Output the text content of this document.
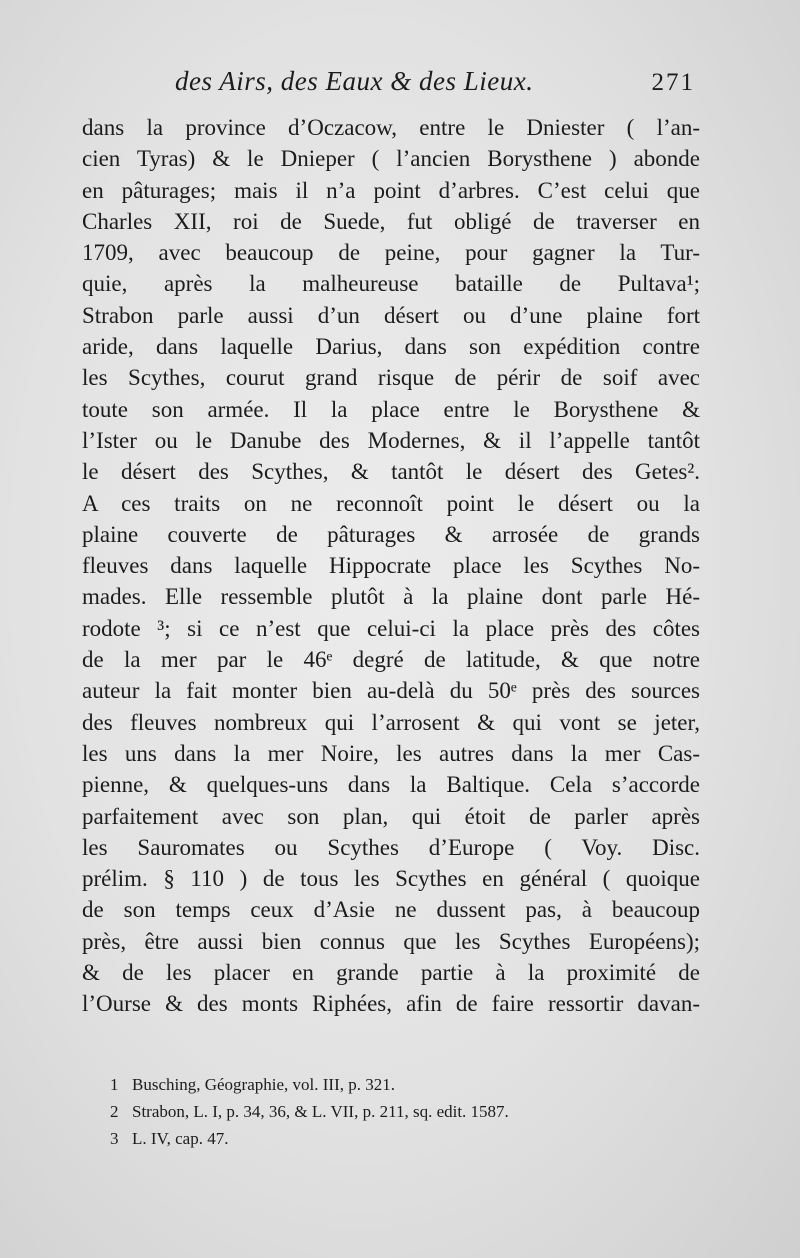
des Airs, des Eaux & des Lieux.	271
dans la province d’Oczacow, entre le Dniester ( l’an-
cien Tyras) & le Dnieper ( l’ancien Borysthene ) abonde
en pâturages; mais il n’a point d’arbres. C’est celui que
Charles XII, roi de Suede, fut obligé de traverser en
1709, avec beaucoup de peine, pour gagner la Tur-
quie, après la malheureuse bataille de Pultava¹;
Strabon parle aussi d’un désert ou d’une plaine fort
aride, dans laquelle Darius, dans son expédition contre
les Scythes, courut grand risque de périr de soif avec
toute son armée. Il la place entre le Borysthene &
l’Ister ou le Danube des Modernes, & il l’appelle tantôt
le désert des Scythes, & tantôt le désert des Getes².
A ces traits on ne reconnoît point le désert ou la
plaine couverte de pâturages & arrosée de grands
fleuves dans laquelle Hippocrate place les Scythes No-
mades. Elle ressemble plutôt à la plaine dont parle Hé-
rodote ³; si ce n’est que celui-ci la place près des côtes
de la mer par le 46ᵉ degré de latitude, & que notre
auteur la fait monter bien au-delà du 50ᵉ près des sources
des fleuves nombreux qui l’arrosent & qui vont se jeter,
les uns dans la mer Noire, les autres dans la mer Cas-
pienne, & quelques-uns dans la Baltique. Cela s’accorde
parfaitement avec son plan, qui étoit de parler après
les Sauromates ou Scythes d’Europe ( Voy. Disc.
prélim. § 110 ) de tous les Scythes en général ( quoique
de son temps ceux d’Asie ne dussent pas, à beaucoup
près, être aussi bien connus que les Scythes Européens);
& de les placer en grande partie à la proximité de
l’Ourse & des monts Riphées, afin de faire ressortir davan-
1 Busching, Géographie, vol. III, p. 321.
2 Strabon, L. I, p. 34, 36, & L. VII, p. 211, sq. edit. 1587.
3 L. IV, cap. 47.
